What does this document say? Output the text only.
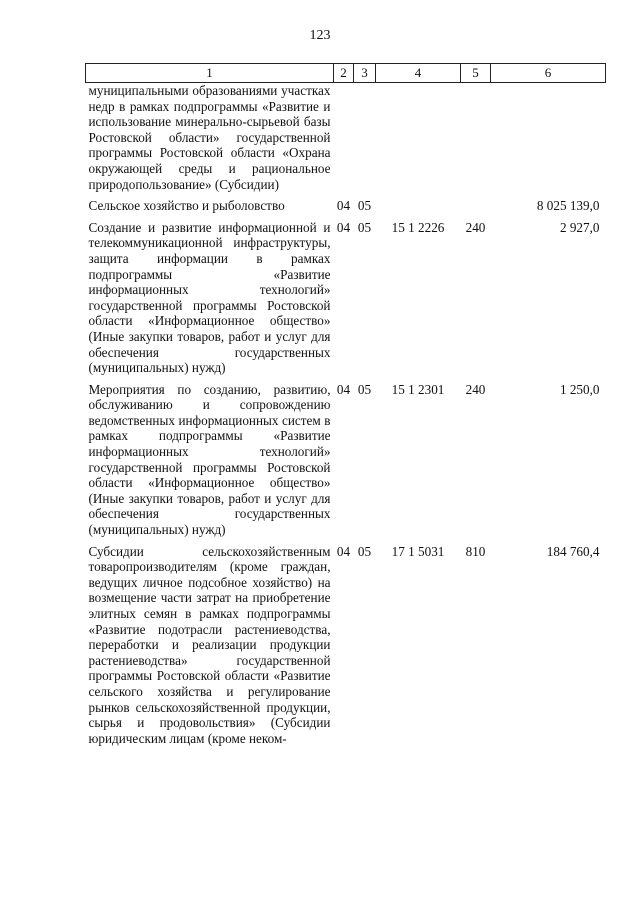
123
1	2	3	4	5	6
муниципальными образованиями участках недр в рамках подпрограммы «Развитие и использование минерально-сырьевой базы Ростовской области» государственной программы Ростовской области «Охрана окружающей среды и рациональное природопользование» (Субсидии)					
Сельское хозяйство и рыболовство	04	05			8 025 139,0
Создание и развитие информационной и телекоммуникационной инфраструктуры, защита информации в рамках подпрограммы «Развитие информационных технологий» государственной программы Ростовской области «Информационное общество» (Иные закупки товаров, работ и услуг для обеспечения государственных (муниципальных) нужд)	04	05	15 1 2226	240	2 927,0
Мероприятия по созданию, развитию, обслуживанию и сопровождению ведомственных информационных систем в рамках подпрограммы «Развитие информационных технологий» государственной программы Ростовской области «Информационное общество» (Иные закупки товаров, работ и услуг для обеспечения государственных (муниципальных) нужд)	04	05	15 1 2301	240	1 250,0
Субсидии сельскохозяйственным товаропроизводителям (кроме граждан, ведущих личное подсобное хозяйство) на возмещение части затрат на приобретение элитных семян в рамках подпрограммы «Развитие подотрасли растениеводства, переработки и реализации продукции растениеводства» государственной программы Ростовской области «Развитие сельского хозяйства и регулирование рынков сельскохозяйственной продукции, сырья и продовольствия» (Субсидии юридическим лицам (кроме неком-	04	05	17 1 5031	810	184 760,4
